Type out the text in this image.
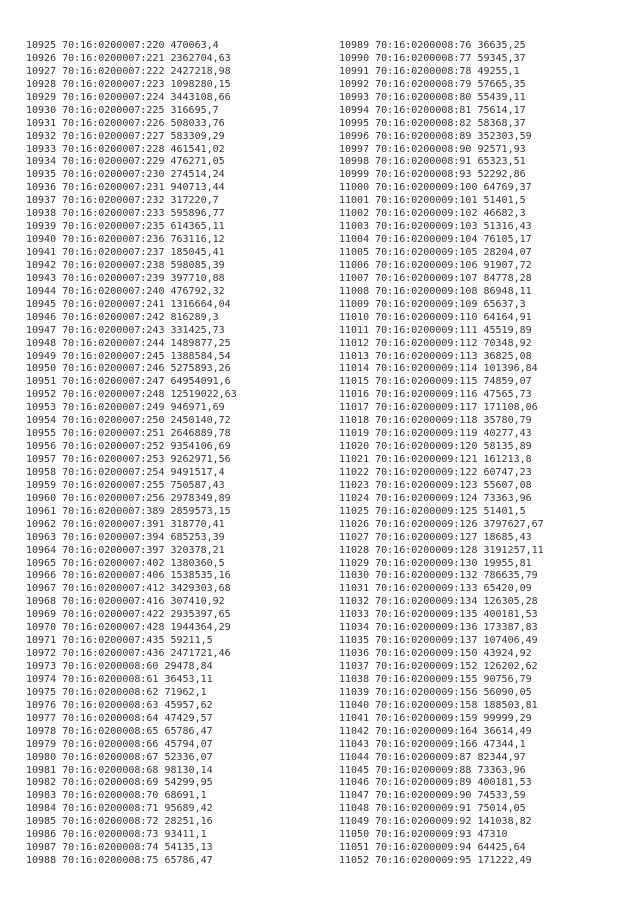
10925 70:16:0200007:220 470063,4
10926 70:16:0200007:221 2362704,63
10927 70:16:0200007:222 2427218,98
10928 70:16:0200007:223 1098280,15
10929 70:16:0200007:224 3443108,66
10930 70:16:0200007:225 316695,7
10931 70:16:0200007:226 508033,76
10932 70:16:0200007:227 583309,29
10933 70:16:0200007:228 461541,02
10934 70:16:0200007:229 476271,05
10935 70:16:0200007:230 274514,24
10936 70:16:0200007:231 940713,44
10937 70:16:0200007:232 317220,7
10938 70:16:0200007:233 595896,77
10939 70:16:0200007:235 614365,11
10940 70:16:0200007:236 763116,12
10941 70:16:0200007:237 185045,41
10942 70:16:0200007:238 598085,39
10943 70:16:0200007:239 397710,88
10944 70:16:0200007:240 476792,32
10945 70:16:0200007:241 1316664,04
10946 70:16:0200007:242 816289,3
10947 70:16:0200007:243 331425,73
10948 70:16:0200007:244 1489877,25
10949 70:16:0200007:245 1388584,54
10950 70:16:0200007:246 5275893,26
10951 70:16:0200007:247 64954091,6
10952 70:16:0200007:248 12519022,63
10953 70:16:0200007:249 946971,69
10954 70:16:0200007:250 2450140,72
10955 70:16:0200007:251 2646889,78
10956 70:16:0200007:252 9354106,69
10957 70:16:0200007:253 9262971,56
10958 70:16:0200007:254 9491517,4
10959 70:16:0200007:255 750587,43
10960 70:16:0200007:256 2978349,89
10961 70:16:0200007:389 2859573,15
10962 70:16:0200007:391 318770,41
10963 70:16:0200007:394 685253,39
10964 70:16:0200007:397 320378,21
10965 70:16:0200007:402 1380360,5
10966 70:16:0200007:406 1538535,16
10967 70:16:0200007:412 3429303,68
10968 70:16:0200007:416 307410,92
10969 70:16:0200007:422 2935397,65
10970 70:16:0200007:428 1944364,29
10971 70:16:0200007:435 59211,5
10972 70:16:0200007:436 2471721,46
10973 70:16:0200008:60 29478,84
10974 70:16:0200008:61 36453,11
10975 70:16:0200008:62 71962,1
10976 70:16:0200008:63 45957,62
10977 70:16:0200008:64 47429,57
10978 70:16:0200008:65 65786,47
10979 70:16:0200008:66 45794,07
10980 70:16:0200008:67 52336,07
10981 70:16:0200008:68 98130,14
10982 70:16:0200008:69 54299,95
10983 70:16:0200008:70 68691,1
10984 70:16:0200008:71 95689,42
10985 70:16:0200008:72 28251,16
10986 70:16:0200008:73 93411,1
10987 70:16:0200008:74 54135,13
10988 70:16:0200008:75 65786,47
10989 70:16:0200008:76 36635,25
10990 70:16:0200008:77 59345,37
10991 70:16:0200008:78 49255,1
10992 70:16:0200008:79 57665,35
10993 70:16:0200008:80 55439,11
10994 70:16:0200008:81 75614,17
10995 70:16:0200008:82 58368,37
10996 70:16:0200008:89 352303,59
10997 70:16:0200008:90 92571,93
10998 70:16:0200008:91 65323,51
10999 70:16:0200008:93 52292,86
11000 70:16:0200009:100 64769,37
11001 70:16:0200009:101 51401,5
11002 70:16:0200009:102 46682,3
11003 70:16:0200009:103 51316,43
11004 70:16:0200009:104 76105,17
11005 70:16:0200009:105 28204,07
11006 70:16:0200009:106 91907,72
11007 70:16:0200009:107 84778,28
11008 70:16:0200009:108 86948,11
11009 70:16:0200009:109 65637,3
11010 70:16:0200009:110 64164,91
11011 70:16:0200009:111 45519,89
11012 70:16:0200009:112 70348,92
11013 70:16:0200009:113 36825,08
11014 70:16:0200009:114 101396,84
11015 70:16:0200009:115 74859,07
11016 70:16:0200009:116 47565,73
11017 70:16:0200009:117 171108,06
11018 70:16:0200009:118 35780,79
11019 70:16:0200009:119 40277,43
11020 70:16:0200009:120 58135,89
11021 70:16:0200009:121 161213,8
11022 70:16:0200009:122 60747,23
11023 70:16:0200009:123 55607,08
11024 70:16:0200009:124 73363,96
11025 70:16:0200009:125 51401,5
11026 70:16:0200009:126 3797627,67
11027 70:16:0200009:127 18685,43
11028 70:16:0200009:128 3191257,11
11029 70:16:0200009:130 19955,81
11030 70:16:0200009:132 786635,79
11031 70:16:0200009:133 65420,09
11032 70:16:0200009:134 126305,28
11033 70:16:0200009:135 400181,53
11034 70:16:0200009:136 173387,83
11035 70:16:0200009:137 107406,49
11036 70:16:0200009:150 43924,92
11037 70:16:0200009:152 126202,62
11038 70:16:0200009:155 90756,79
11039 70:16:0200009:156 56090,05
11040 70:16:0200009:158 188503,81
11041 70:16:0200009:159 99999,29
11042 70:16:0200009:164 36614,49
11043 70:16:0200009:166 47344,1
11044 70:16:0200009:87 82344,97
11045 70:16:0200009:88 73363,96
11046 70:16:0200009:89 400181,53
11047 70:16:0200009:90 74533,59
11048 70:16:0200009:91 75014,05
11049 70:16:0200009:92 141038,82
11050 70:16:0200009:93 47310
11051 70:16:0200009:94 64425,64
11052 70:16:0200009:95 171222,49
